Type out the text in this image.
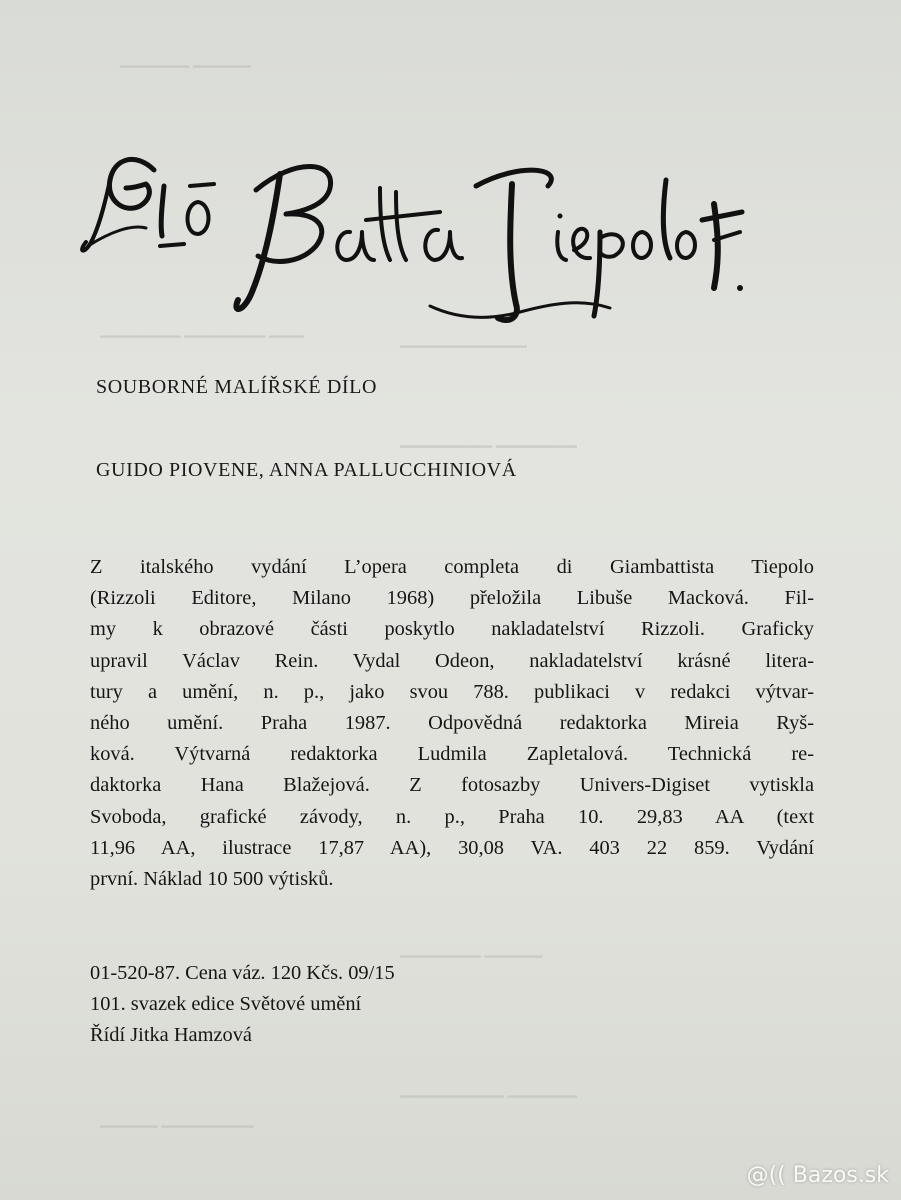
▁▁▁▁▁▁ ▁▁▁▁▁
▁▁▁▁▁▁▁ ▁▁▁▁▁▁▁ ▁▁▁
▁▁▁▁▁▁▁▁▁▁▁
▁▁▁▁▁▁▁▁ ▁▁▁▁▁▁▁
▁▁▁▁▁▁▁ ▁▁▁▁▁
▁▁▁▁▁▁▁▁▁ ▁▁▁▁▁▁
▁▁▁▁▁ ▁▁▁▁▁▁▁▁
SOUBORNÉ MALÍŘSKÉ DÍLO
GUIDO PIOVENE, ANNA PALLUCCHINIOVÁ
Z italského vydání L’opera completa di Giambattista Tiepolo
(Rizzoli Editore, Milano 1968) přeložila Libuše Macková. Fil-
my k obrazové části poskytlo nakladatelství Rizzoli. Graficky
upravil Václav Rein. Vydal Odeon, nakladatelství krásné litera-
tury a umění, n. p., jako svou 788. publikaci v redakci výtvar-
ného umění. Praha 1987. Odpovědná redaktorka Mireia Ryš-
ková. Výtvarná redaktorka Ludmila Zapletalová. Technická re-
daktorka Hana Blažejová. Z fotosazby Univers-Digiset vytiskla
Svoboda, grafické závody, n. p., Praha 10. 29,83 AA (text
11,96 AA, ilustrace 17,87 AA), 30,08 VA. 403 22 859. Vydání
první. Náklad 10 500 výtisků.
01-520-87. Cena váz. 120 Kčs. 09/15
101. svazek edice Světové umění
Řídí Jitka Hamzová
@(( Bazos.sk
